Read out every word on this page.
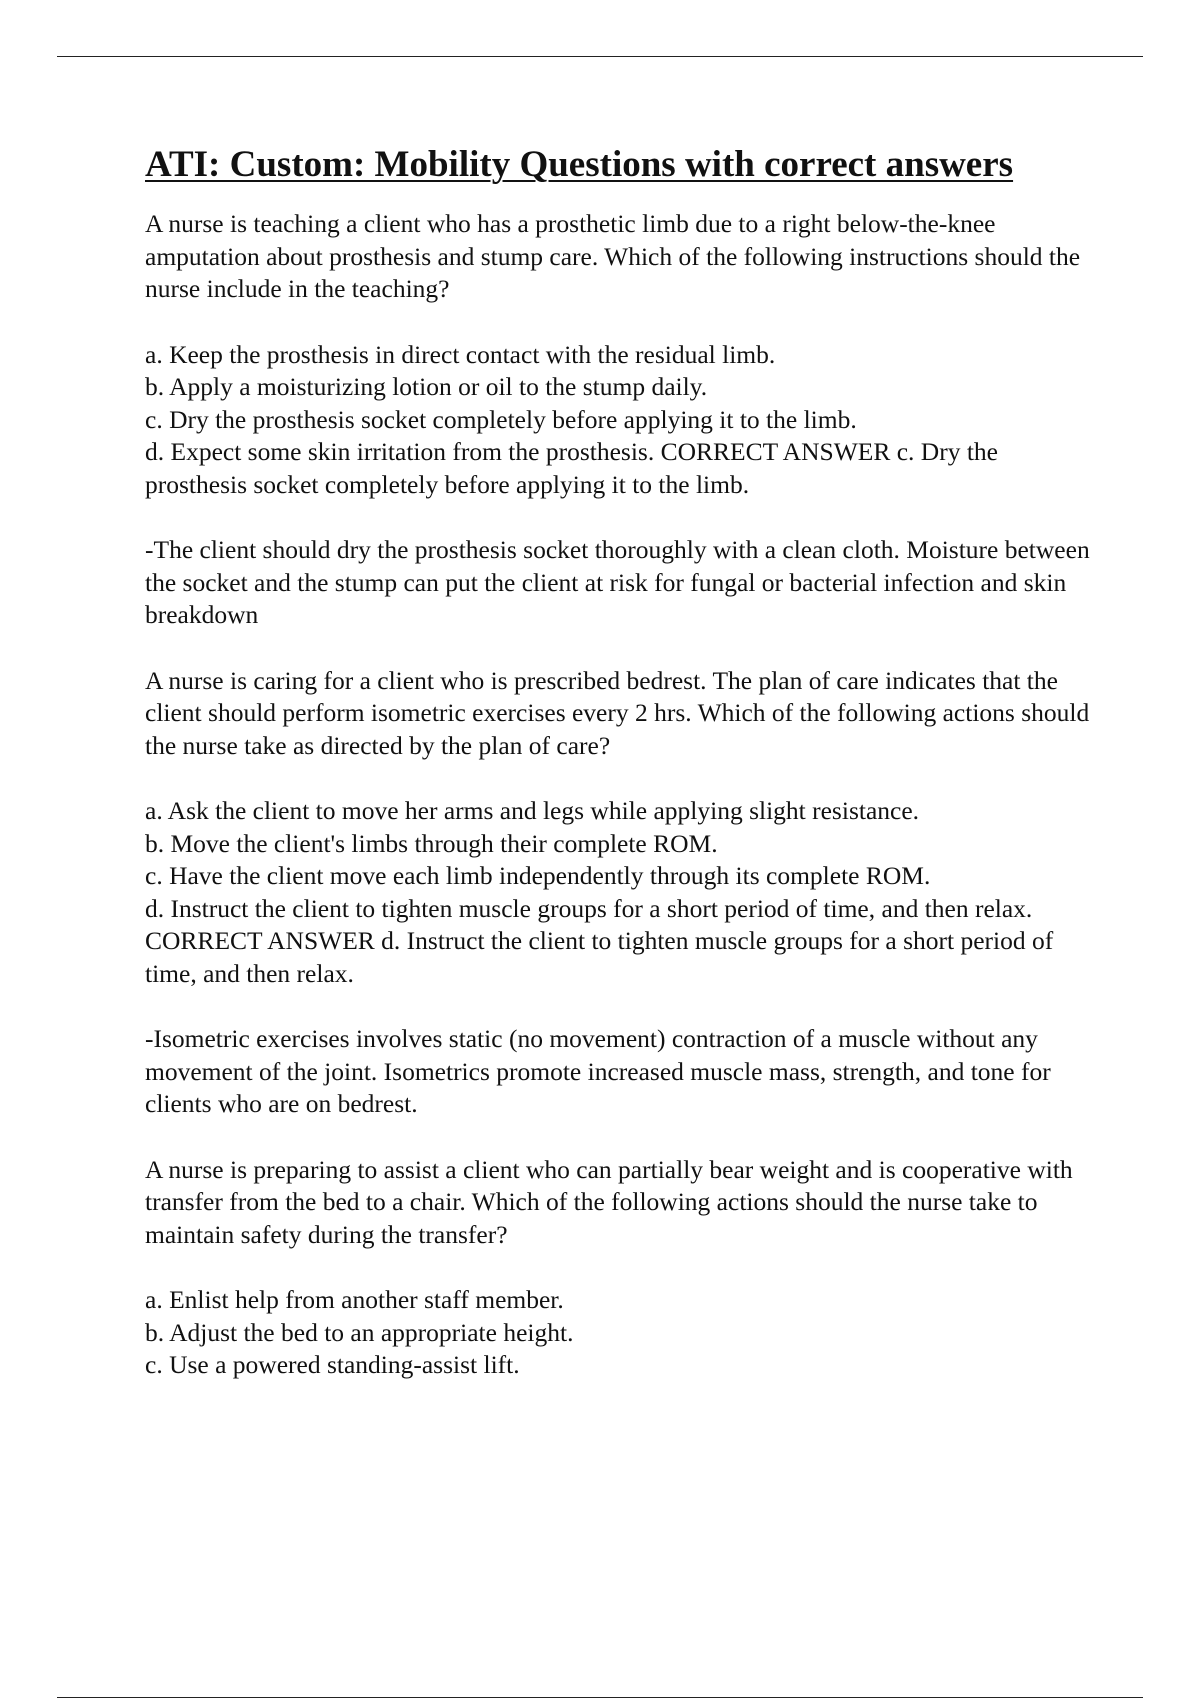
ATI: Custom: Mobility Questions with correct answers

A nurse is teaching a client who has a prosthetic limb due to a right below-the-knee amputation about prosthesis and stump care. Which of the following instructions should the nurse include in the teaching?

a. Keep the prosthesis in direct contact with the residual limb.
b. Apply a moisturizing lotion or oil to the stump daily.
c. Dry the prosthesis socket completely before applying it to the limb.
d. Expect some skin irritation from the prosthesis. CORRECT ANSWER c. Dry the prosthesis socket completely before applying it to the limb.

-The client should dry the prosthesis socket thoroughly with a clean cloth. Moisture between the socket and the stump can put the client at risk for fungal or bacterial infection and skin breakdown

A nurse is caring for a client who is prescribed bedrest. The plan of care indicates that the client should perform isometric exercises every 2 hrs. Which of the following actions should the nurse take as directed by the plan of care?

a. Ask the client to move her arms and legs while applying slight resistance.
b. Move the client's limbs through their complete ROM.
c. Have the client move each limb independently through its complete ROM.
d. Instruct the client to tighten muscle groups for a short period of time, and then relax. CORRECT ANSWER d. Instruct the client to tighten muscle groups for a short period of time, and then relax.

-Isometric exercises involves static (no movement) contraction of a muscle without any movement of the joint. Isometrics promote increased muscle mass, strength, and tone for clients who are on bedrest.

A nurse is preparing to assist a client who can partially bear weight and is cooperative with transfer from the bed to a chair. Which of the following actions should the nurse take to maintain safety during the transfer?

a. Enlist help from another staff member.
b. Adjust the bed to an appropriate height.
c. Use a powered standing-assist lift.
